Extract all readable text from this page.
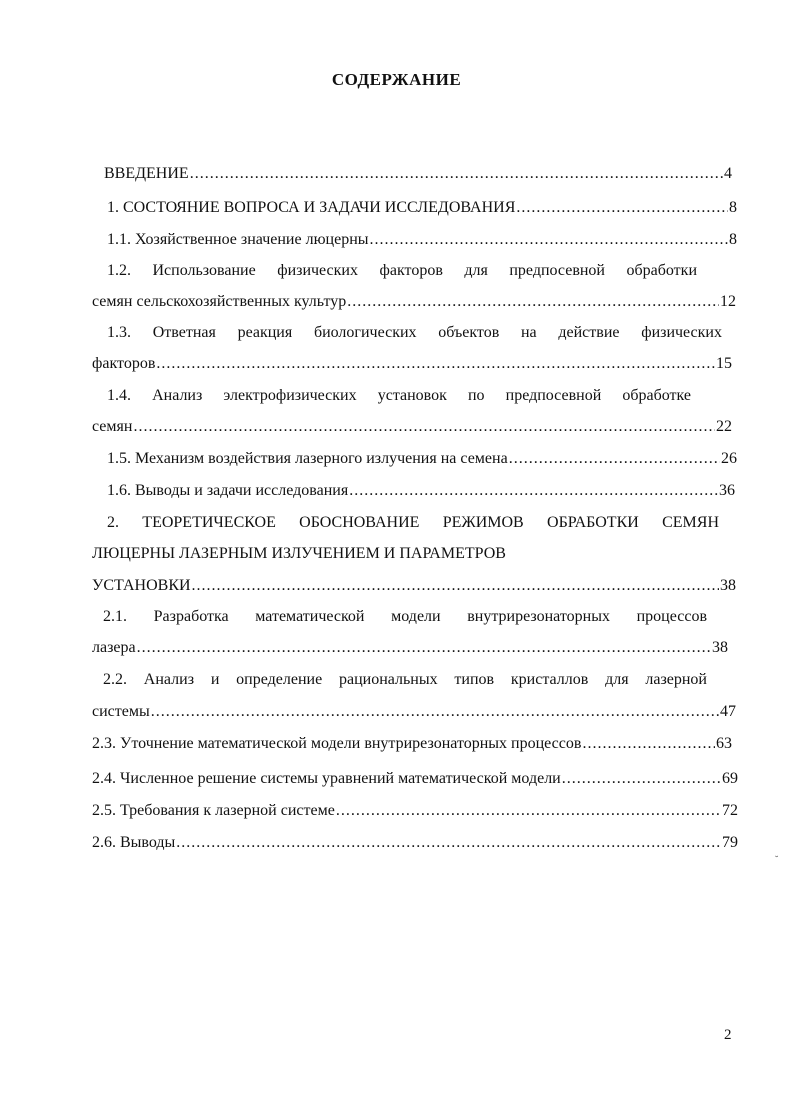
СОДЕРЖАНИЕ
ВВЕДЕНИЕ .....	4
1. СОСТОЯНИЕ ВОПРОСА И ЗАДАЧИ ИССЛЕДОВАНИЯ .....	8
1.1. Хозяйственное значение люцерны .....	8
1.2. Использование физических факторов для предпосевной обработки
семян сельскохозяйственных культур .....	12
1.3. Ответная реакция биологических объектов на действие физических
факторов .....	15
1.4. Анализ электрофизических установок по предпосевной обработке
семян .....	22
1.5. Механизм воздействия лазерного излучения на семена .....	26
1.6. Выводы и задачи исследования .....	36
2. ТЕОРЕТИЧЕСКОЕ ОБОСНОВАНИЕ РЕЖИМОВ ОБРАБОТКИ СЕМЯН
ЛЮЦЕРНЫ ЛАЗЕРНЫМ ИЗЛУЧЕНИЕМ И ПАРАМЕТРОВ
УСТАНОВКИ .....	38
2.1. Разработка математической модели внутрирезонаторных процессов
лазера .....	38
2.2. Анализ и определение рациональных типов кристаллов для лазерной
системы .....	47
2.3. Уточнение математической модели внутрирезонаторных процессов .....	63
2.4. Численное решение системы уравнений математической модели .....	69
2.5. Требования к лазерной системе .....	72
2.6. Выводы .....	79
˘
2
